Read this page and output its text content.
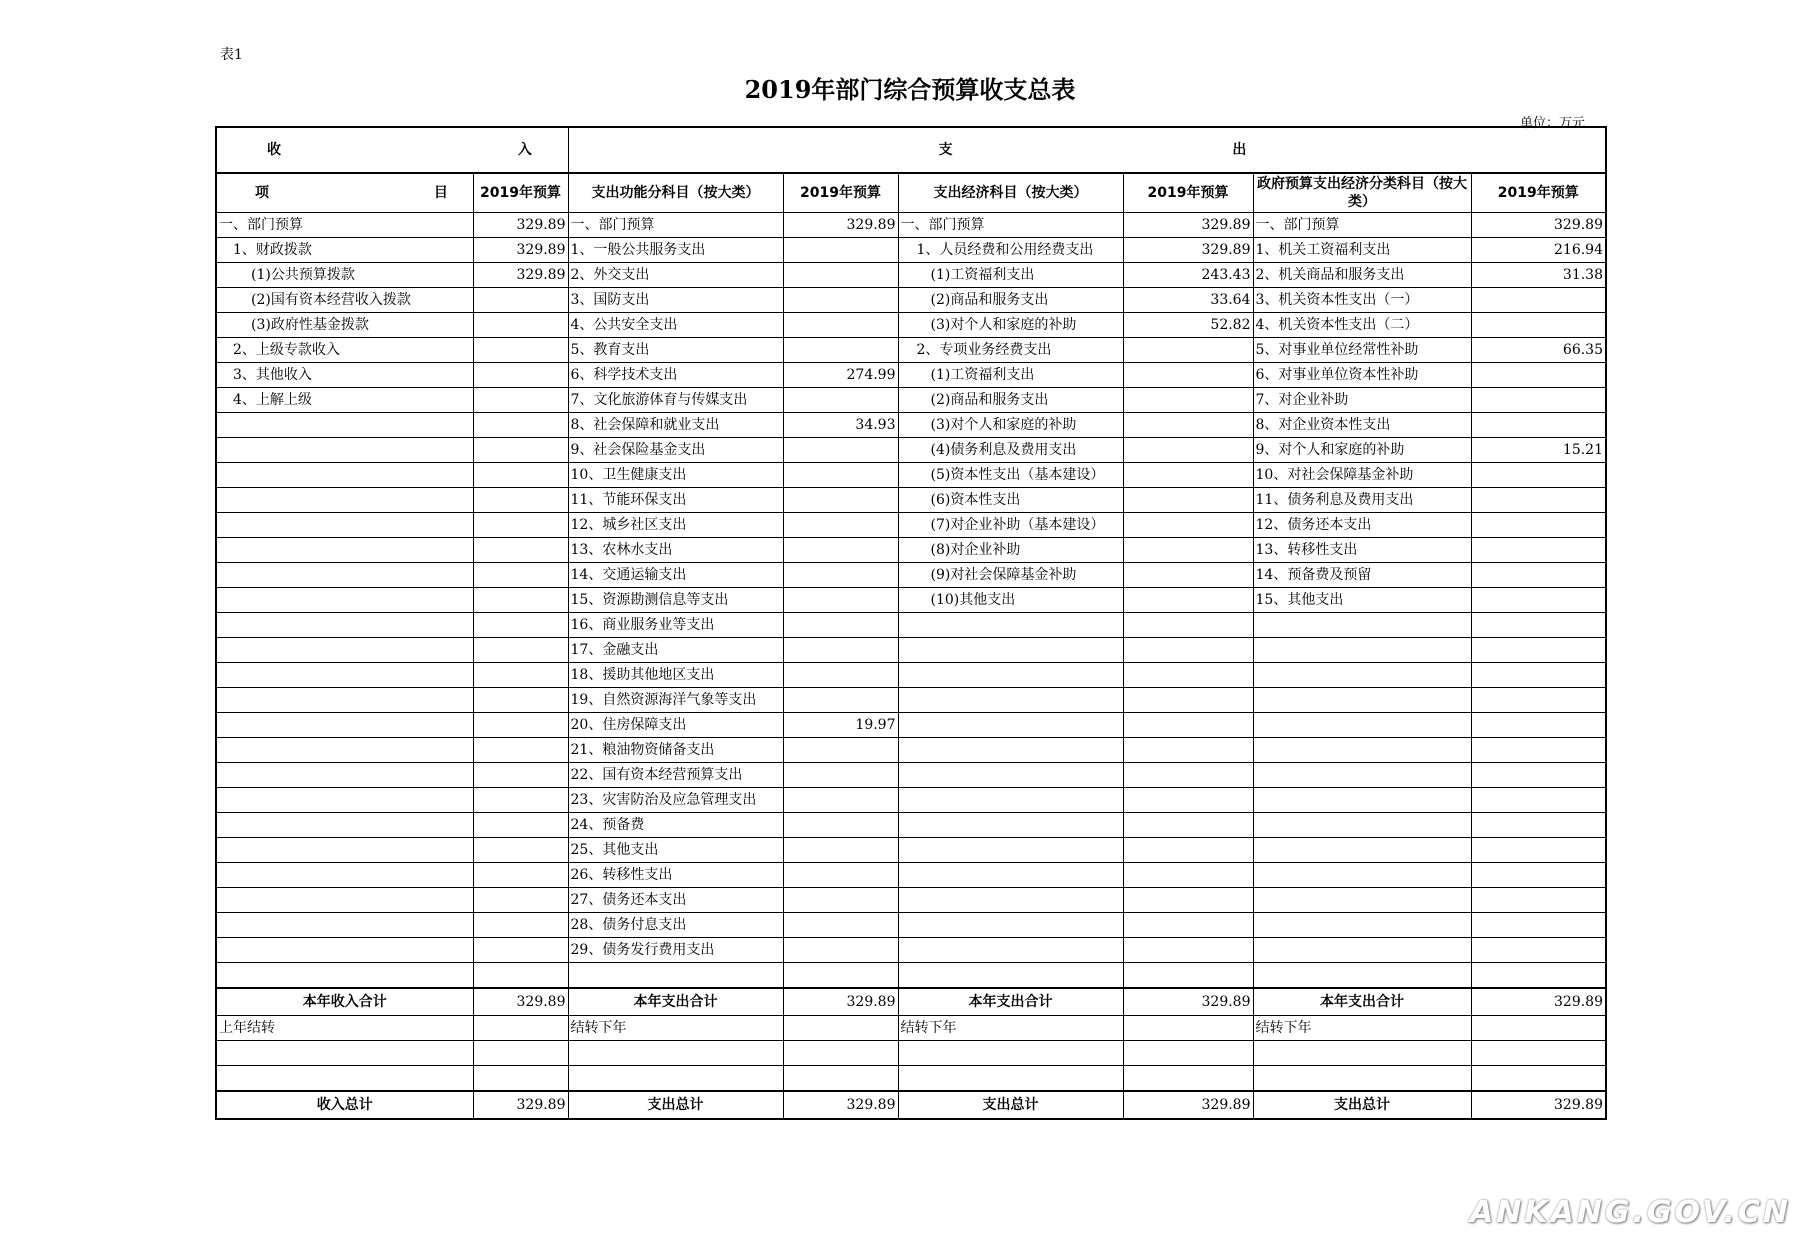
表1
2019年部门综合预算收支总表
单位：万元
收 入		支 出					
项 目	2019年预算	支出功能分科目（按大类）	2019年预算	支出经济科目（按大类）	2019年预算	政府预算支出经济分类科目（按大类）	2019年预算
一、部门预算	329.89	一、部门预算	329.89	一、部门预算	329.89	一、部门预算	329.89
1、财政拨款	329.89	1、一般公共服务支出		1、人员经费和公用经费支出	329.89	1、机关工资福利支出	216.94
(1)公共预算拨款	329.89	2、外交支出		(1)工资福利支出	243.43	2、机关商品和服务支出	31.38
(2)国有资本经营收入拨款		3、国防支出		(2)商品和服务支出	33.64	3、机关资本性支出（一）	
(3)政府性基金拨款		4、公共安全支出		(3)对个人和家庭的补助	52.82	4、机关资本性支出（二）	
2、上级专款收入		5、教育支出		2、专项业务经费支出		5、对事业单位经常性补助	66.35
3、其他收入		6、科学技术支出	274.99	(1)工资福利支出		6、对事业单位资本性补助	
4、上解上级		7、文化旅游体育与传媒支出		(2)商品和服务支出		7、对企业补助	
		8、社会保障和就业支出	34.93	(3)对个人和家庭的补助		8、对企业资本性支出	
		9、社会保险基金支出		(4)债务利息及费用支出		9、对个人和家庭的补助	15.21
		10、卫生健康支出		(5)资本性支出（基本建设）		10、对社会保障基金补助	
		11、节能环保支出		(6)资本性支出		11、债务利息及费用支出	
		12、城乡社区支出		(7)对企业补助（基本建设）		12、债务还本支出	
		13、农林水支出		(8)对企业补助		13、转移性支出	
		14、交通运输支出		(9)对社会保障基金补助		14、预备费及预留	
		15、资源勘测信息等支出		(10)其他支出		15、其他支出	
		16、商业服务业等支出					
		17、金融支出					
		18、援助其他地区支出					
		19、自然资源海洋气象等支出					
		20、住房保障支出	19.97				
		21、粮油物资储备支出					
		22、国有资本经营预算支出					
		23、灾害防治及应急管理支出					
		24、预备费					
		25、其他支出					
		26、转移性支出					
		27、债务还本支出					
		28、债务付息支出					
		29、债务发行费用支出					

本年收入合计	329.89	本年支出合计	329.89	本年支出合计	329.89	本年支出合计	329.89
上年结转		结转下年		结转下年		结转下年	

收入总计	329.89	支出总计	329.89	支出总计	329.89	支出总计	329.89
ANKANG.GOV.CN
